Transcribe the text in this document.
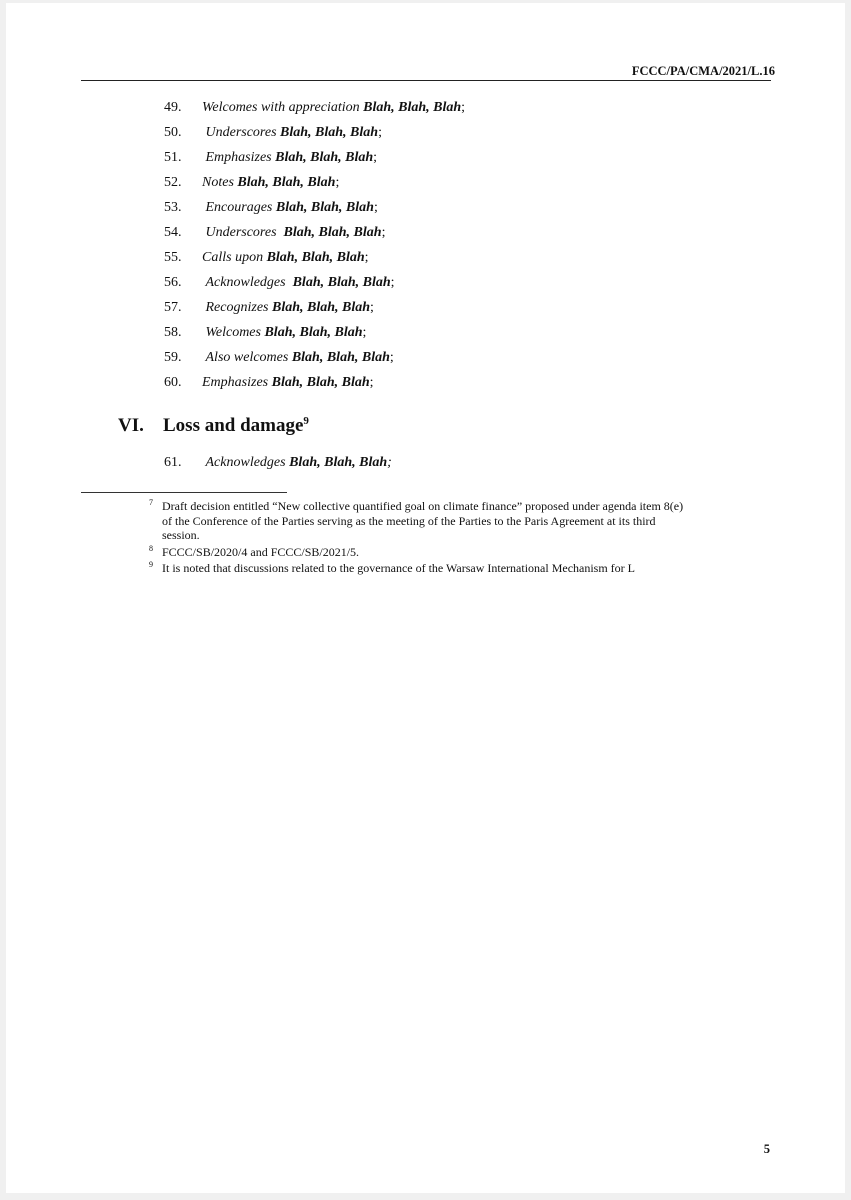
FCCC/PA/CMA/2021/L.16
49. Welcomes with appreciation Blah, Blah, Blah;
50. Underscores Blah, Blah, Blah;
51. Emphasizes Blah, Blah, Blah;
52. Notes Blah, Blah, Blah;
53. Encourages Blah, Blah, Blah;
54. Underscores Blah, Blah, Blah;
55. Calls upon Blah, Blah, Blah;
56. Acknowledges Blah, Blah, Blah;
57. Recognizes Blah, Blah, Blah;
58. Welcomes Blah, Blah, Blah;
59. Also welcomes Blah, Blah, Blah;
60. Emphasizes Blah, Blah, Blah;
VI. Loss and damage$^9$
61. Acknowledges Blah, Blah, Blah;
7 Draft decision entitled “New collective quantified goal on climate finance” proposed under agenda item 8(e) of the Conference of the Parties serving as the meeting of the Parties to the Paris Agreement at its third session.
8 FCCC/SB/2020/4 and FCCC/SB/2021/5.
9 It is noted that discussions related to the governance of the Warsaw International Mechanism for L
5
